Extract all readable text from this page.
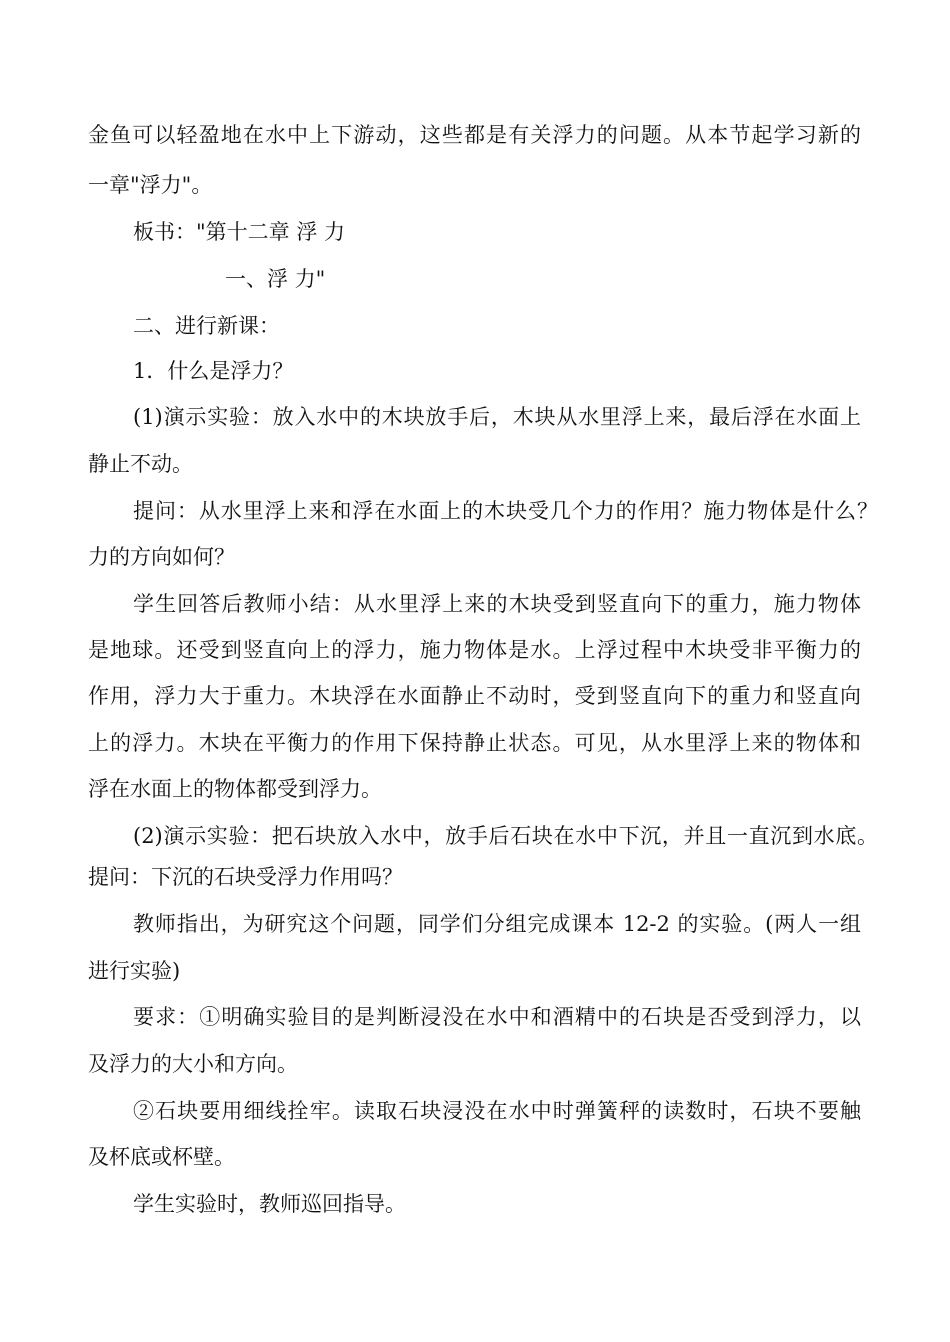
金鱼可以轻盈地在水中上下游动，这些都是有关浮力的问题。从本节起学习新的
一章"浮力"。
板书："第十二章 浮 力
一、浮 力"
二、进行新课：
1．什么是浮力？
(1)演示实验：放入水中的木块放手后，木块从水里浮上来，最后浮在水面上
静止不动。
提问：从水里浮上来和浮在水面上的木块受几个力的作用？施力物体是什么？
力的方向如何？
学生回答后教师小结：从水里浮上来的木块受到竖直向下的重力，施力物体
是地球。还受到竖直向上的浮力，施力物体是水。上浮过程中木块受非平衡力的
作用，浮力大于重力。木块浮在水面静止不动时，受到竖直向下的重力和竖直向
上的浮力。木块在平衡力的作用下保持静止状态。可见，从水里浮上来的物体和
浮在水面上的物体都受到浮力。
(2)演示实验：把石块放入水中，放手后石块在水中下沉，并且一直沉到水底。
提问：下沉的石块受浮力作用吗？
教师指出，为研究这个问题，同学们分组完成课本 12-2 的实验。(两人一组
进行实验)
要求：①明确实验目的是判断浸没在水中和酒精中的石块是否受到浮力，以
及浮力的大小和方向。
②石块要用细线拴牢。读取石块浸没在水中时弹簧秤的读数时，石块不要触
及杯底或杯壁。
学生实验时，教师巡回指导。
